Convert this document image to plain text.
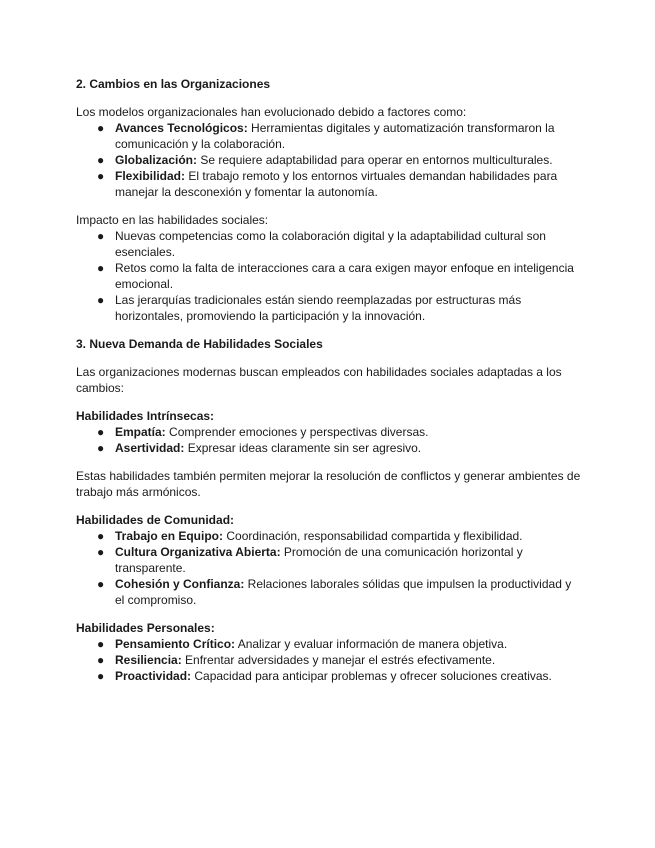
2. Cambios en las Organizaciones

Los modelos organizacionales han evolucionado debido a factores como:

● Avances Tecnológicos: Herramientas digitales y automatización transformaron la comunicación y la colaboración.
● Globalización: Se requiere adaptabilidad para operar en entornos multiculturales.
● Flexibilidad: El trabajo remoto y los entornos virtuales demandan habilidades para manejar la desconexión y fomentar la autonomía.

Impacto en las habilidades sociales:

● Nuevas competencias como la colaboración digital y la adaptabilidad cultural son esenciales.
● Retos como la falta de interacciones cara a cara exigen mayor enfoque en inteligencia emocional.
● Las jerarquías tradicionales están siendo reemplazadas por estructuras más horizontales, promoviendo la participación y la innovación.

3. Nueva Demanda de Habilidades Sociales

Las organizaciones modernas buscan empleados con habilidades sociales adaptadas a los cambios:

Habilidades Intrínsecas:

● Empatía: Comprender emociones y perspectivas diversas.
● Asertividad: Expresar ideas claramente sin ser agresivo.

Estas habilidades también permiten mejorar la resolución de conflictos y generar ambientes de trabajo más armónicos.

Habilidades de Comunidad:

● Trabajo en Equipo: Coordinación, responsabilidad compartida y flexibilidad.
● Cultura Organizativa Abierta: Promoción de una comunicación horizontal y transparente.
● Cohesión y Confianza: Relaciones laborales sólidas que impulsen la productividad y el compromiso.

Habilidades Personales:

● Pensamiento Crítico: Analizar y evaluar información de manera objetiva.
● Resiliencia: Enfrentar adversidades y manejar el estrés efectivamente.
● Proactividad: Capacidad para anticipar problemas y ofrecer soluciones creativas.
